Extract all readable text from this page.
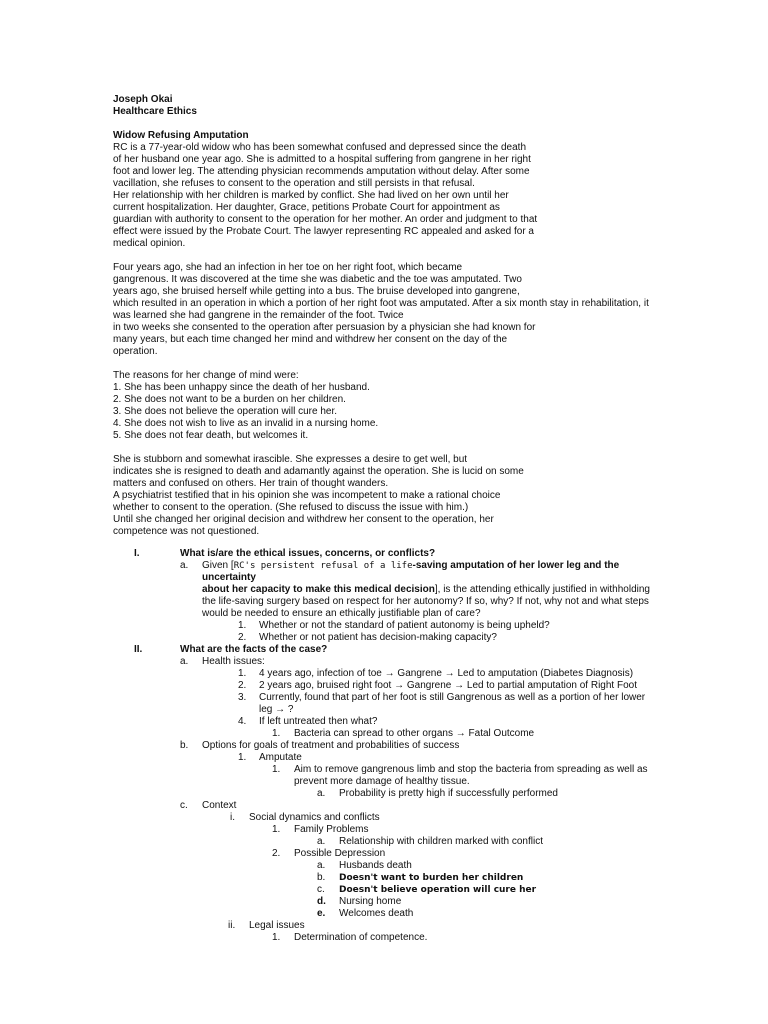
Joseph Okai
Healthcare Ethics
Widow Refusing Amputation

RC is a 77-year-old widow who has been somewhat confused and depressed since the death

of her husband one year ago. She is admitted to a hospital suffering from gangrene in her right

foot and lower leg. The attending physician recommends amputation without delay. After some

vacillation, she refuses to consent to the operation and still persists in that refusal.

Her relationship with her children is marked by conflict. She had lived on her own until her

current hospitalization. Her daughter, Grace, petitions Probate Court for appointment as

guardian with authority to consent to the operation for her mother. An order and judgment to that

effect were issued by the Probate Court. The lawyer representing RC appealed and asked for a

medical opinion.

Four years ago, she had an infection in her toe on her right foot, which became

gangrenous. It was discovered at the time she was diabetic and the toe was amputated. Two

years ago, she bruised herself while getting into a bus. The bruise developed into gangrene,

which resulted in an operation in which a portion of her right foot was amputated. After a six month stay in rehabilitation, it

was learned she had gangrene in the remainder of the foot. Twice

in two weeks she consented to the operation after persuasion by a physician she had known for

many years, but each time changed her mind and withdrew her consent on the day of the

operation.

The reasons for her change of mind were:

1. She has been unhappy since the death of her husband.

2. She does not want to be a burden on her children.

3. She does not believe the operation will cure her.

4. She does not wish to live as an invalid in a nursing home.

5. She does not fear death, but welcomes it.

She is stubborn and somewhat irascible. She expresses a desire to get well, but

indicates she is resigned to death and adamantly against the operation. She is lucid on some

matters and confused on others. Her train of thought wanders.

A psychiatrist testified that in his opinion she was incompetent to make a rational choice

whether to consent to the operation. (She refused to discuss the issue with him.)

Until she changed her original decision and withdrew her consent to the operation, her

competence was not questioned.

I.	What is/are the ethical issues, concerns, or conflicts?
a. Given [RC's persistent refusal of a life-saving amputation of her lower leg and the uncertainty
about her capacity to make this medical decision], is the attending ethically justified in withholding
the life-saving surgery based on respect for her autonomy? If so, why? If not, why not and what steps
would be needed to ensure an ethically justifiable plan of care?
1. Whether or not the standard of patient autonomy is being upheld?
2. Whether or not patient has decision-making capacity?
II.	What are the facts of the case?
a. Health issues:
1. 4 years ago, infection of toe → Gangrene → Led to amputation (Diabetes Diagnosis)
2. 2 years ago, bruised right foot → Gangrene → Led to partial amputation of Right Foot
3. Currently, found that part of her foot is still Gangrenous as well as a portion of her lower
leg → ?
4. If left untreated then what?
1. Bacteria can spread to other organs → Fatal Outcome
b. Options for goals of treatment and probabilities of success
1. Amputate
1. Aim to remove gangrenous limb and stop the bacteria from spreading as well as
prevent more damage of healthy tissue.
a. Probability is pretty high if successfully performed
c. Context
i. Social dynamics and conflicts
1. Family Problems
a. Relationship with children marked with conflict
2. Possible Depression
a. Husbands death
b. Doesn't want to burden her children
c. Doesn't believe operation will cure her
d. Nursing home
e. Welcomes death
ii. Legal issues
1. Determination of competence.
